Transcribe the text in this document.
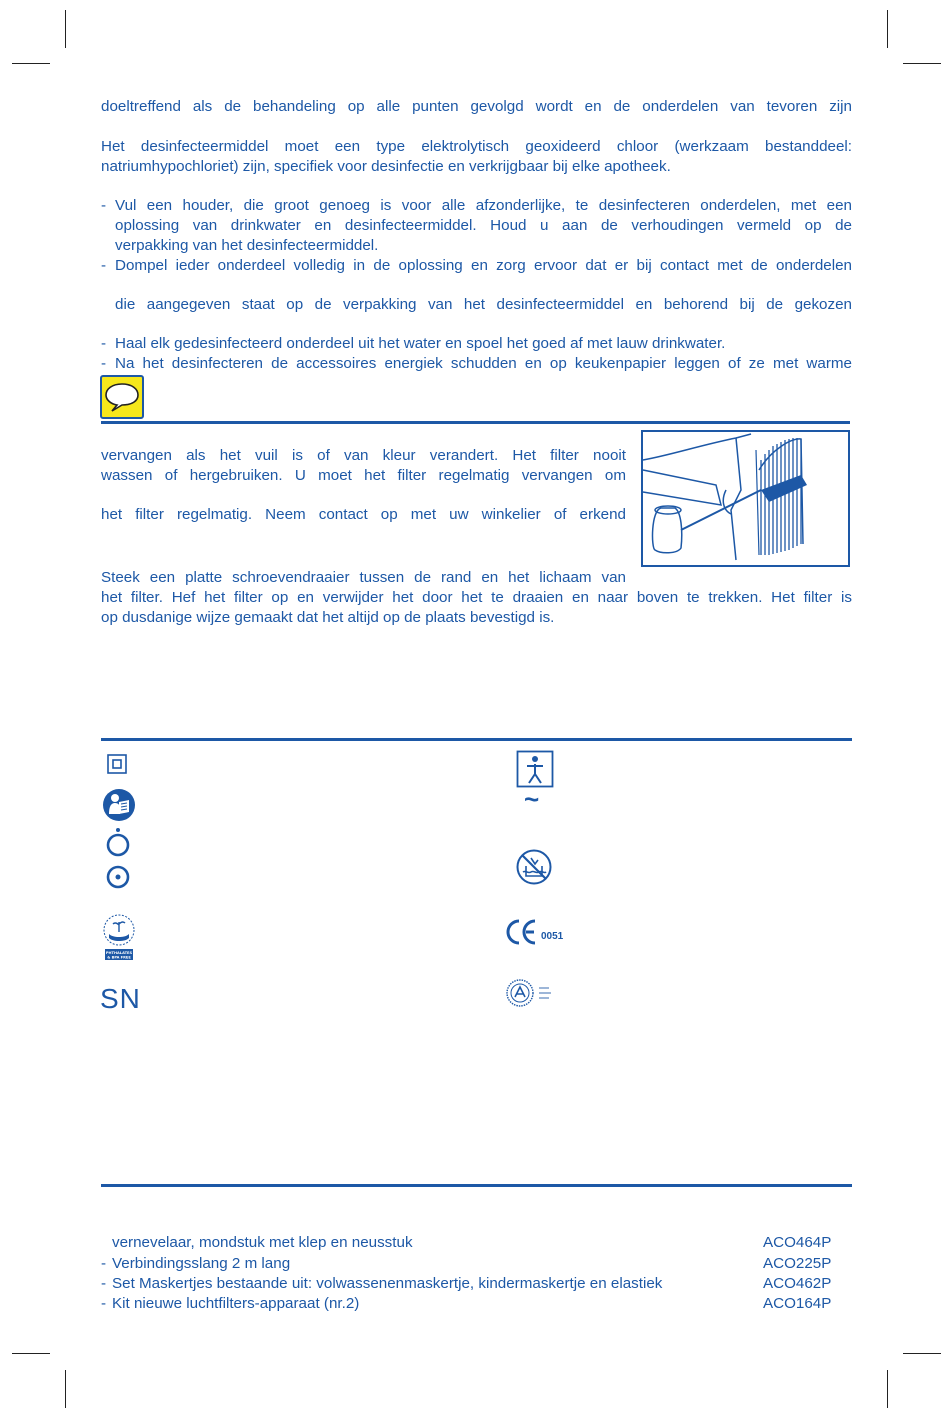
doeltreffend als de behandeling op alle punten gevolgd wordt en de onderdelen van tevoren zijn

Het desinfecteermiddel moet een type elektrolytisch geoxideerd chloor (werkzaam bestanddeel:

natriumhypochloriet) zijn, specifiek voor desinfectie en verkrijgbaar bij elke apotheek.

- Vul een houder, die groot genoeg is voor alle afzonderlijke, te desinfecteren onderdelen, met een

oplossing van drinkwater en desinfecteermiddel. Houd u aan de verhoudingen vermeld op de

verpakking van het desinfecteermiddel.

- Dompel ieder onderdeel volledig in de oplossing en zorg ervoor dat er bij contact met de onderdelen

die aangegeven staat op de verpakking van het desinfecteermiddel en behorend bij de gekozen

- Haal elk gedesinfecteerd onderdeel uit het water en spoel het goed af met lauw drinkwater.

- Na het desinfecteren de accessoires energiek schudden en op keukenpapier leggen of ze met warme

vervangen als het vuil is of van kleur verandert. Het filter nooit

wassen of hergebruiken. U moet het filter regelmatig vervangen om

het filter regelmatig. Neem contact op met uw winkelier of erkend

Steek een platte schroevendraaier tussen de rand en het lichaam van

het filter. Hef het filter op en verwijder het door het te draaien en naar boven te trekken. Het filter is

op dusdanige wijze gemaakt dat het altijd op de plaats bevestigd is.

PHTHALATES
& BPA FREE
SN
~
0051
vernevelaar, mondstuk met klep en neusstuk	ACO464P
- Verbindingsslang 2 m lang	ACO225P
- Set Maskertjes bestaande uit: volwassenenmaskertje, kindermaskertje en elastiek	ACO462P
- Kit nieuwe luchtfilters-apparaat (nr.2)	ACO164P
